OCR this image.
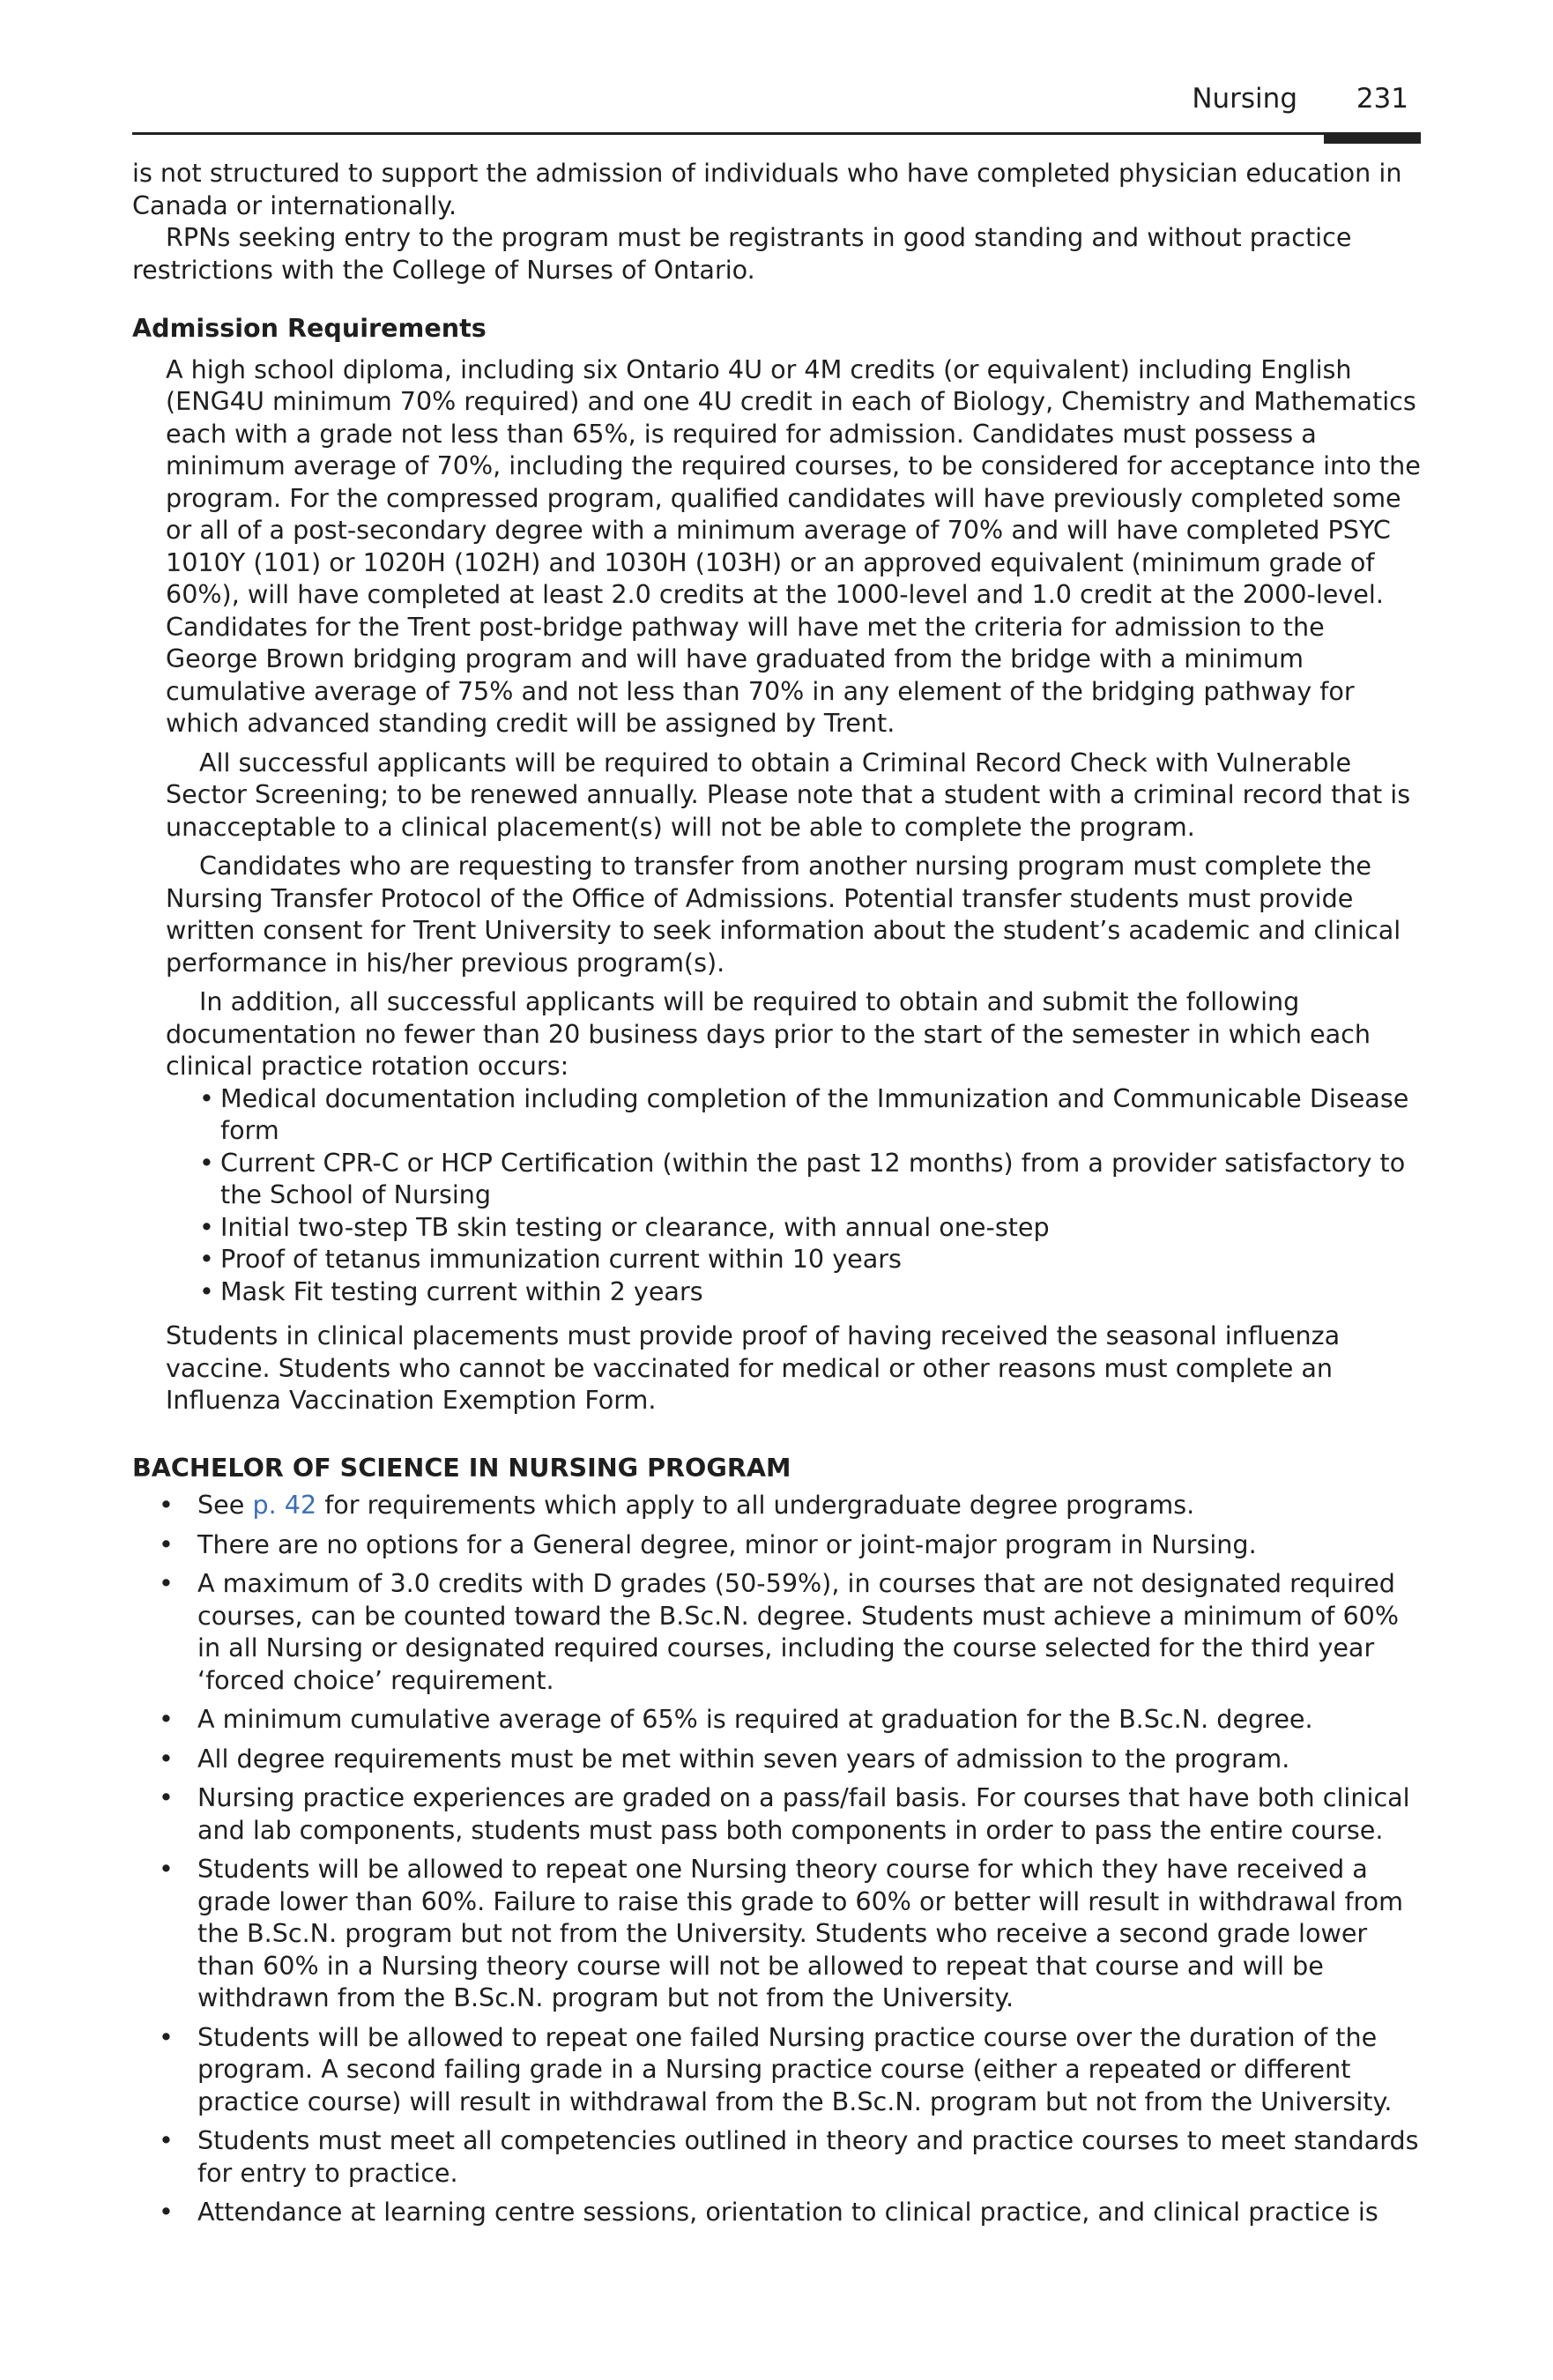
Nursing 231

is not structured to support the admission of individuals who have completed physician education in Canada or internationally.

RPNs seeking entry to the program must be registrants in good standing and without practice restrictions with the College of Nurses of Ontario.

Admission Requirements

A high school diploma, including six Ontario 4U or 4M credits (or equivalent) including English (ENG4U minimum 70% required) and one 4U credit in each of Biology, Chemistry and Mathematics each with a grade not less than 65%, is required for admission. Candidates must possess a minimum average of 70%, including the required courses, to be considered for acceptance into the program. For the compressed program, qualified candidates will have previously completed some or all of a post-secondary degree with a minimum average of 70% and will have completed PSYC 1010Y (101) or 1020H (102H) and 1030H (103H) or an approved equivalent (minimum grade of 60%), will have completed at least 2.0 credits at the 1000-level and 1.0 credit at the 2000-level. Candidates for the Trent post-bridge pathway will have met the criteria for admission to the George Brown bridging program and will have graduated from the bridge with a minimum cumulative average of 75% and not less than 70% in any element of the bridging pathway for which advanced standing credit will be assigned by Trent.

All successful applicants will be required to obtain a Criminal Record Check with Vulnerable Sector Screening; to be renewed annually. Please note that a student with a criminal record that is unacceptable to a clinical placement(s) will not be able to complete the program.

Candidates who are requesting to transfer from another nursing program must complete the Nursing Transfer Protocol of the Office of Admissions. Potential transfer students must provide written consent for Trent University to seek information about the student’s academic and clinical performance in his/her previous program(s).

In addition, all successful applicants will be required to obtain and submit the following documentation no fewer than 20 business days prior to the start of the semester in which each clinical practice rotation occurs:

• Medical documentation including completion of the Immunization and Communicable Disease form
• Current CPR-C or HCP Certification (within the past 12 months) from a provider satisfactory to the School of Nursing
• Initial two-step TB skin testing or clearance, with annual one-step
• Proof of tetanus immunization current within 10 years
• Mask Fit testing current within 2 years

Students in clinical placements must provide proof of having received the seasonal influenza vaccine. Students who cannot be vaccinated for medical or other reasons must complete an Influenza Vaccination Exemption Form.

BACHELOR OF SCIENCE IN NURSING PROGRAM
• See p. 42 for requirements which apply to all undergraduate degree programs.
• There are no options for a General degree, minor or joint-major program in Nursing.
• A maximum of 3.0 credits with D grades (50-59%), in courses that are not designated required courses, can be counted toward the B.Sc.N. degree. Students must achieve a minimum of 60% in all Nursing or designated required courses, including the course selected for the third year ‘forced choice’ requirement.
• A minimum cumulative average of 65% is required at graduation for the B.Sc.N. degree.
• All degree requirements must be met within seven years of admission to the program.
• Nursing practice experiences are graded on a pass/fail basis. For courses that have both clinical and lab components, students must pass both components in order to pass the entire course.
• Students will be allowed to repeat one Nursing theory course for which they have received a grade lower than 60%. Failure to raise this grade to 60% or better will result in withdrawal from the B.Sc.N. program but not from the University. Students who receive a second grade lower than 60% in a Nursing theory course will not be allowed to repeat that course and will be withdrawn from the B.Sc.N. program but not from the University.
• Students will be allowed to repeat one failed Nursing practice course over the duration of the program. A second failing grade in a Nursing practice course (either a repeated or different practice course) will result in withdrawal from the B.Sc.N. program but not from the University.
• Students must meet all competencies outlined in theory and practice courses to meet standards for entry to practice.
• Attendance at learning centre sessions, orientation to clinical practice, and clinical practice is
